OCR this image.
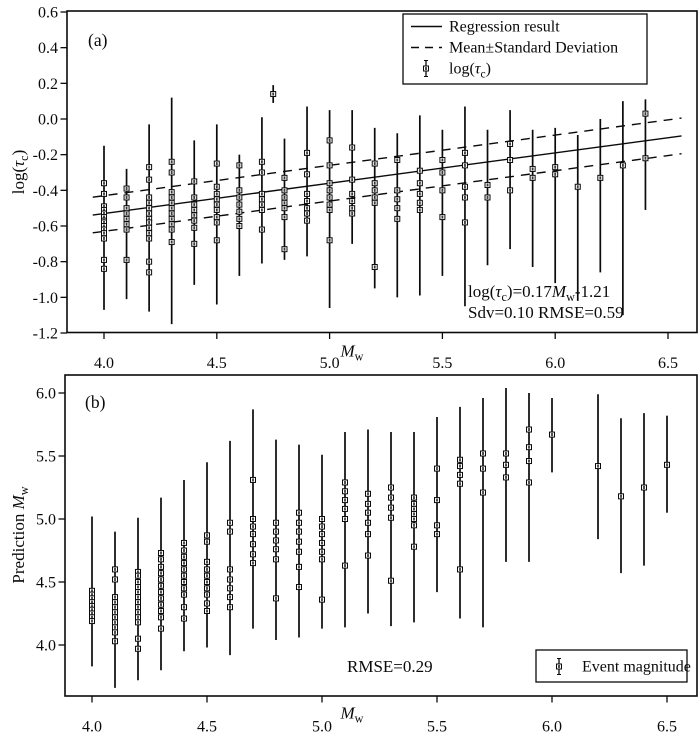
4.0	4.5	5.0	5.5	6.0	6.5
0.6
0.4
0.2
0.0
-0.2
-0.4
-0.6
-0.8
-1.0
-1.2
$M_w$
$\log(\tau_c)$
(a)
$\log(\tau_c)=0.17M_w-1.21$
Sdv=0.10 RMSE=0.59
Regression result
Mean±Standard Deviation
$\log(\tau_c)$
4.0	4.5	5.0	5.5	6.0	6.5
6.0
5.5
5.0
4.5
4.0
$M_w$
Prediction $M_w$
(b)
RMSE=0.29	Event magnitude
